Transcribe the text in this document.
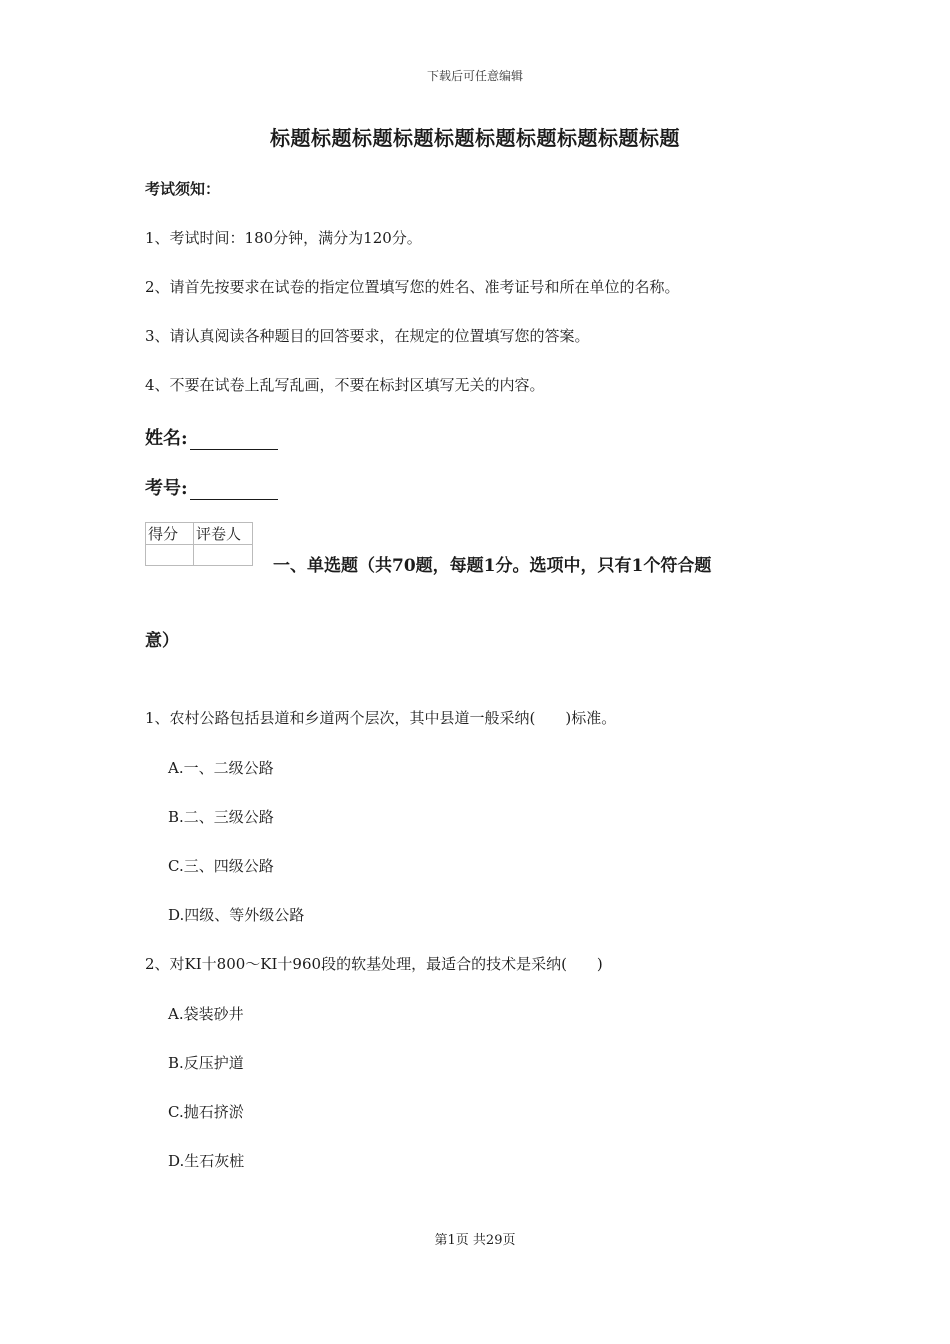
下载后可任意编辑
标题标题标题标题标题标题标题标题标题标题
考试须知：
1、考试时间：180分钟，满分为120分。
2、请首先按要求在试卷的指定位置填写您的姓名、准考证号和所在单位的名称。
3、请认真阅读各种题目的回答要求，在规定的位置填写您的答案。
4、不要在试卷上乱写乱画，不要在标封区填写无关的内容。
姓名:
考号:
得分	评卷人

一、单选题（共70题，每题1分。选项中，只有1个符合题
意）
1、农村公路包括县道和乡道两个层次，其中县道一般采纳(　　)标准。
A.一、二级公路
B.二、三级公路
C.三、四级公路
D.四级、等外级公路
2、对KI十800～KI十960段的软基处理，最适合的技术是采纳(　　)
A.袋装砂井
B.反压护道
C.抛石挤淤
D.生石灰桩
第1页 共29页
